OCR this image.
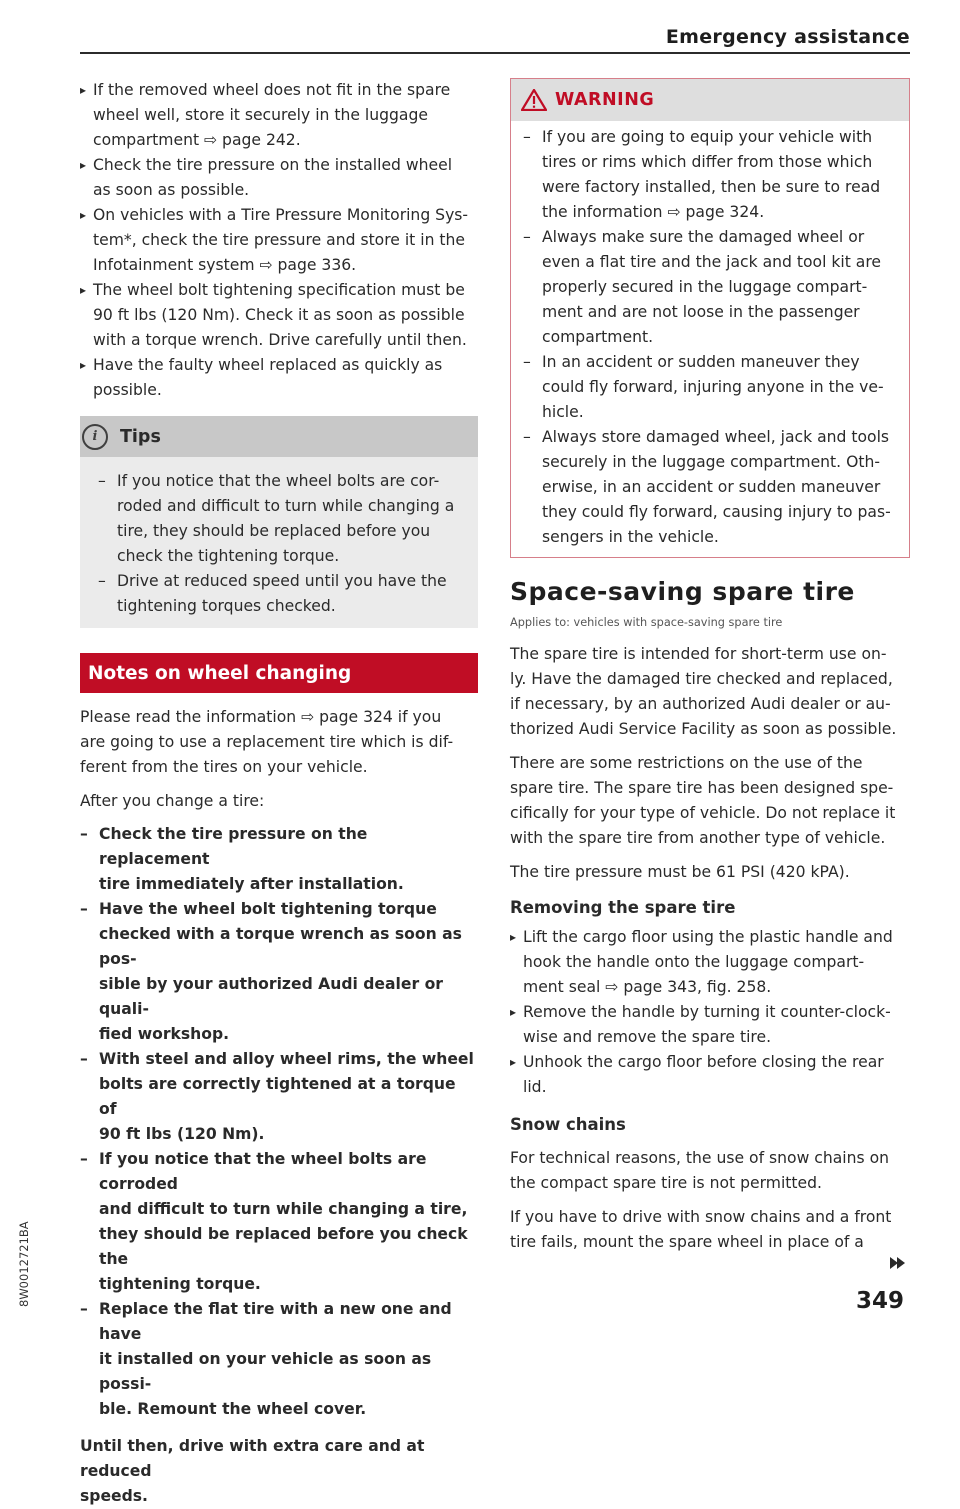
Emergency assistance
▸ If the removed wheel does not fit in the spare
wheel well, store it securely in the luggage
compartment ⇨ page 242.
▸ Check the tire pressure on the installed wheel
as soon as possible.
▸ On vehicles with a Tire Pressure Monitoring Sys-
tem*, check the tire pressure and store it in the
Infotainment system ⇨ page 336.
▸ The wheel bolt tightening specification must be
90 ft lbs (120 Nm). Check it as soon as possible
with a torque wrench. Drive carefully until then.
▸ Have the faulty wheel replaced as quickly as
possible.
i	Tips
– If you notice that the wheel bolts are cor-
roded and difficult to turn while changing a
tire, they should be replaced before you
check the tightening torque.
– Drive at reduced speed until you have the
tightening torques checked.
Notes on wheel changing
Please read the information ⇨ page 324 if you
are going to use a replacement tire which is dif-
ferent from the tires on your vehicle.
After you change a tire:
– Check the tire pressure on the replacement
tire immediately after installation.
– Have the wheel bolt tightening torque
checked with a torque wrench as soon as pos-
sible by your authorized Audi dealer or quali-
fied workshop.
– With steel and alloy wheel rims, the wheel
bolts are correctly tightened at a torque of
90 ft lbs (120 Nm).
– If you notice that the wheel bolts are corroded
and difficult to turn while changing a tire,
they should be replaced before you check the
tightening torque.
– Replace the flat tire with a new one and have
it installed on your vehicle as soon as possi-
ble. Remount the wheel cover.
Until then, drive with extra care and at reduced
speeds.
WARNING
– If you are going to equip your vehicle with
tires or rims which differ from those which
were factory installed, then be sure to read
the information ⇨ page 324.
– Always make sure the damaged wheel or
even a flat tire and the jack and tool kit are
properly secured in the luggage compart-
ment and are not loose in the passenger
compartment.
– In an accident or sudden maneuver they
could fly forward, injuring anyone in the ve-
hicle.
– Always store damaged wheel, jack and tools
securely in the luggage compartment. Oth-
erwise, in an accident or sudden maneuver
they could fly forward, causing injury to pas-
sengers in the vehicle.
Space-saving spare tire
Applies to: vehicles with space-saving spare tire
The spare tire is intended for short-term use on-
ly. Have the damaged tire checked and replaced,
if necessary, by an authorized Audi dealer or au-
thorized Audi Service Facility as soon as possible.
There are some restrictions on the use of the
spare tire. The spare tire has been designed spe-
cifically for your type of vehicle. Do not replace it
with the spare tire from another type of vehicle.
The tire pressure must be 61 PSI (420 kPA).
Removing the spare tire
▸ Lift the cargo floor using the plastic handle and
hook the handle onto the luggage compart-
ment seal ⇨ page 343, fig. 258.
▸ Remove the handle by turning it counter-clock-
wise and remove the spare tire.
▸ Unhook the cargo floor before closing the rear
lid.
Snow chains
For technical reasons, the use of snow chains on
the compact spare tire is not permitted.
If you have to drive with snow chains and a front
tire fails, mount the spare wheel in place of a
8W0012721BA	349
